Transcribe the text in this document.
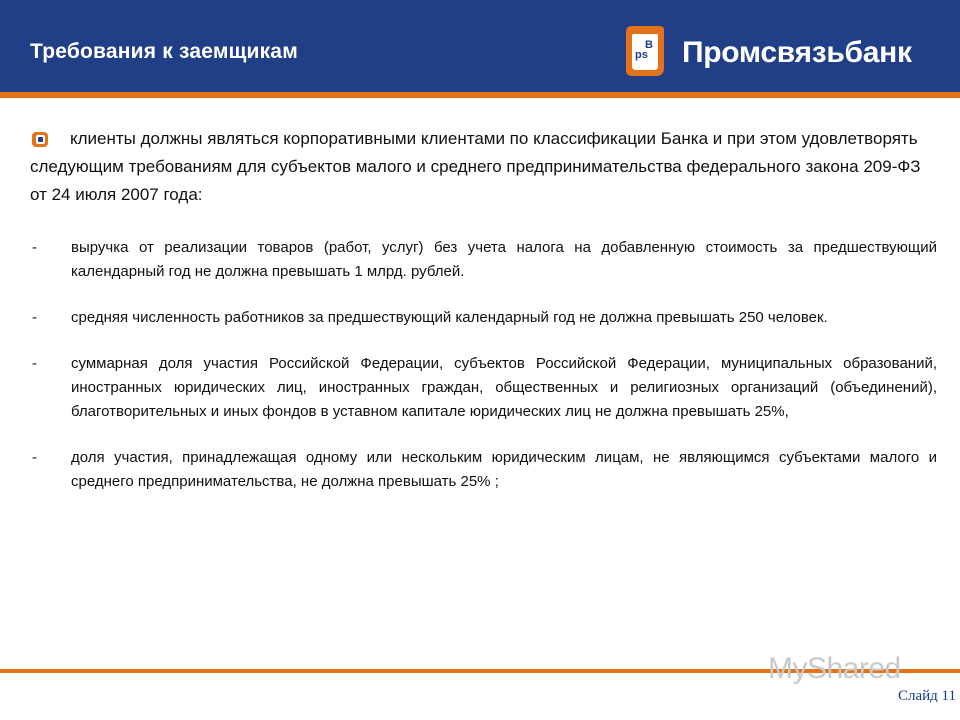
Требования к заемщикам	ps
B Промсвязьбанк

клиенты должны являться корпоративными клиентами по классификации Банка и при этом удовлетворять следующим требованиям для субъектов малого и среднего предпринимательства федерального закона 209-ФЗ от 24 июля 2007 года:

- выручка от реализации товаров (работ, услуг) без учета налога на добавленную стоимость за предшествующий календарный год не должна превышать 1 млрд. рублей.
- средняя численность работников за предшествующий календарный год не должна превышать 250 человек.
- суммарная доля участия Российской Федерации, субъектов Российской Федерации, муниципальных образований, иностранных юридических лиц, иностранных граждан, общественных и религиозных организаций (объединений), благотворительных и иных фондов в уставном капитале юридических лиц не должна превышать 25%,
- доля участия, принадлежащая одному или нескольким юридическим лицам, не являющимся субъектами малого и среднего предпринимательства, не должна превышать 25% ;
MyShared
Слайд 11
